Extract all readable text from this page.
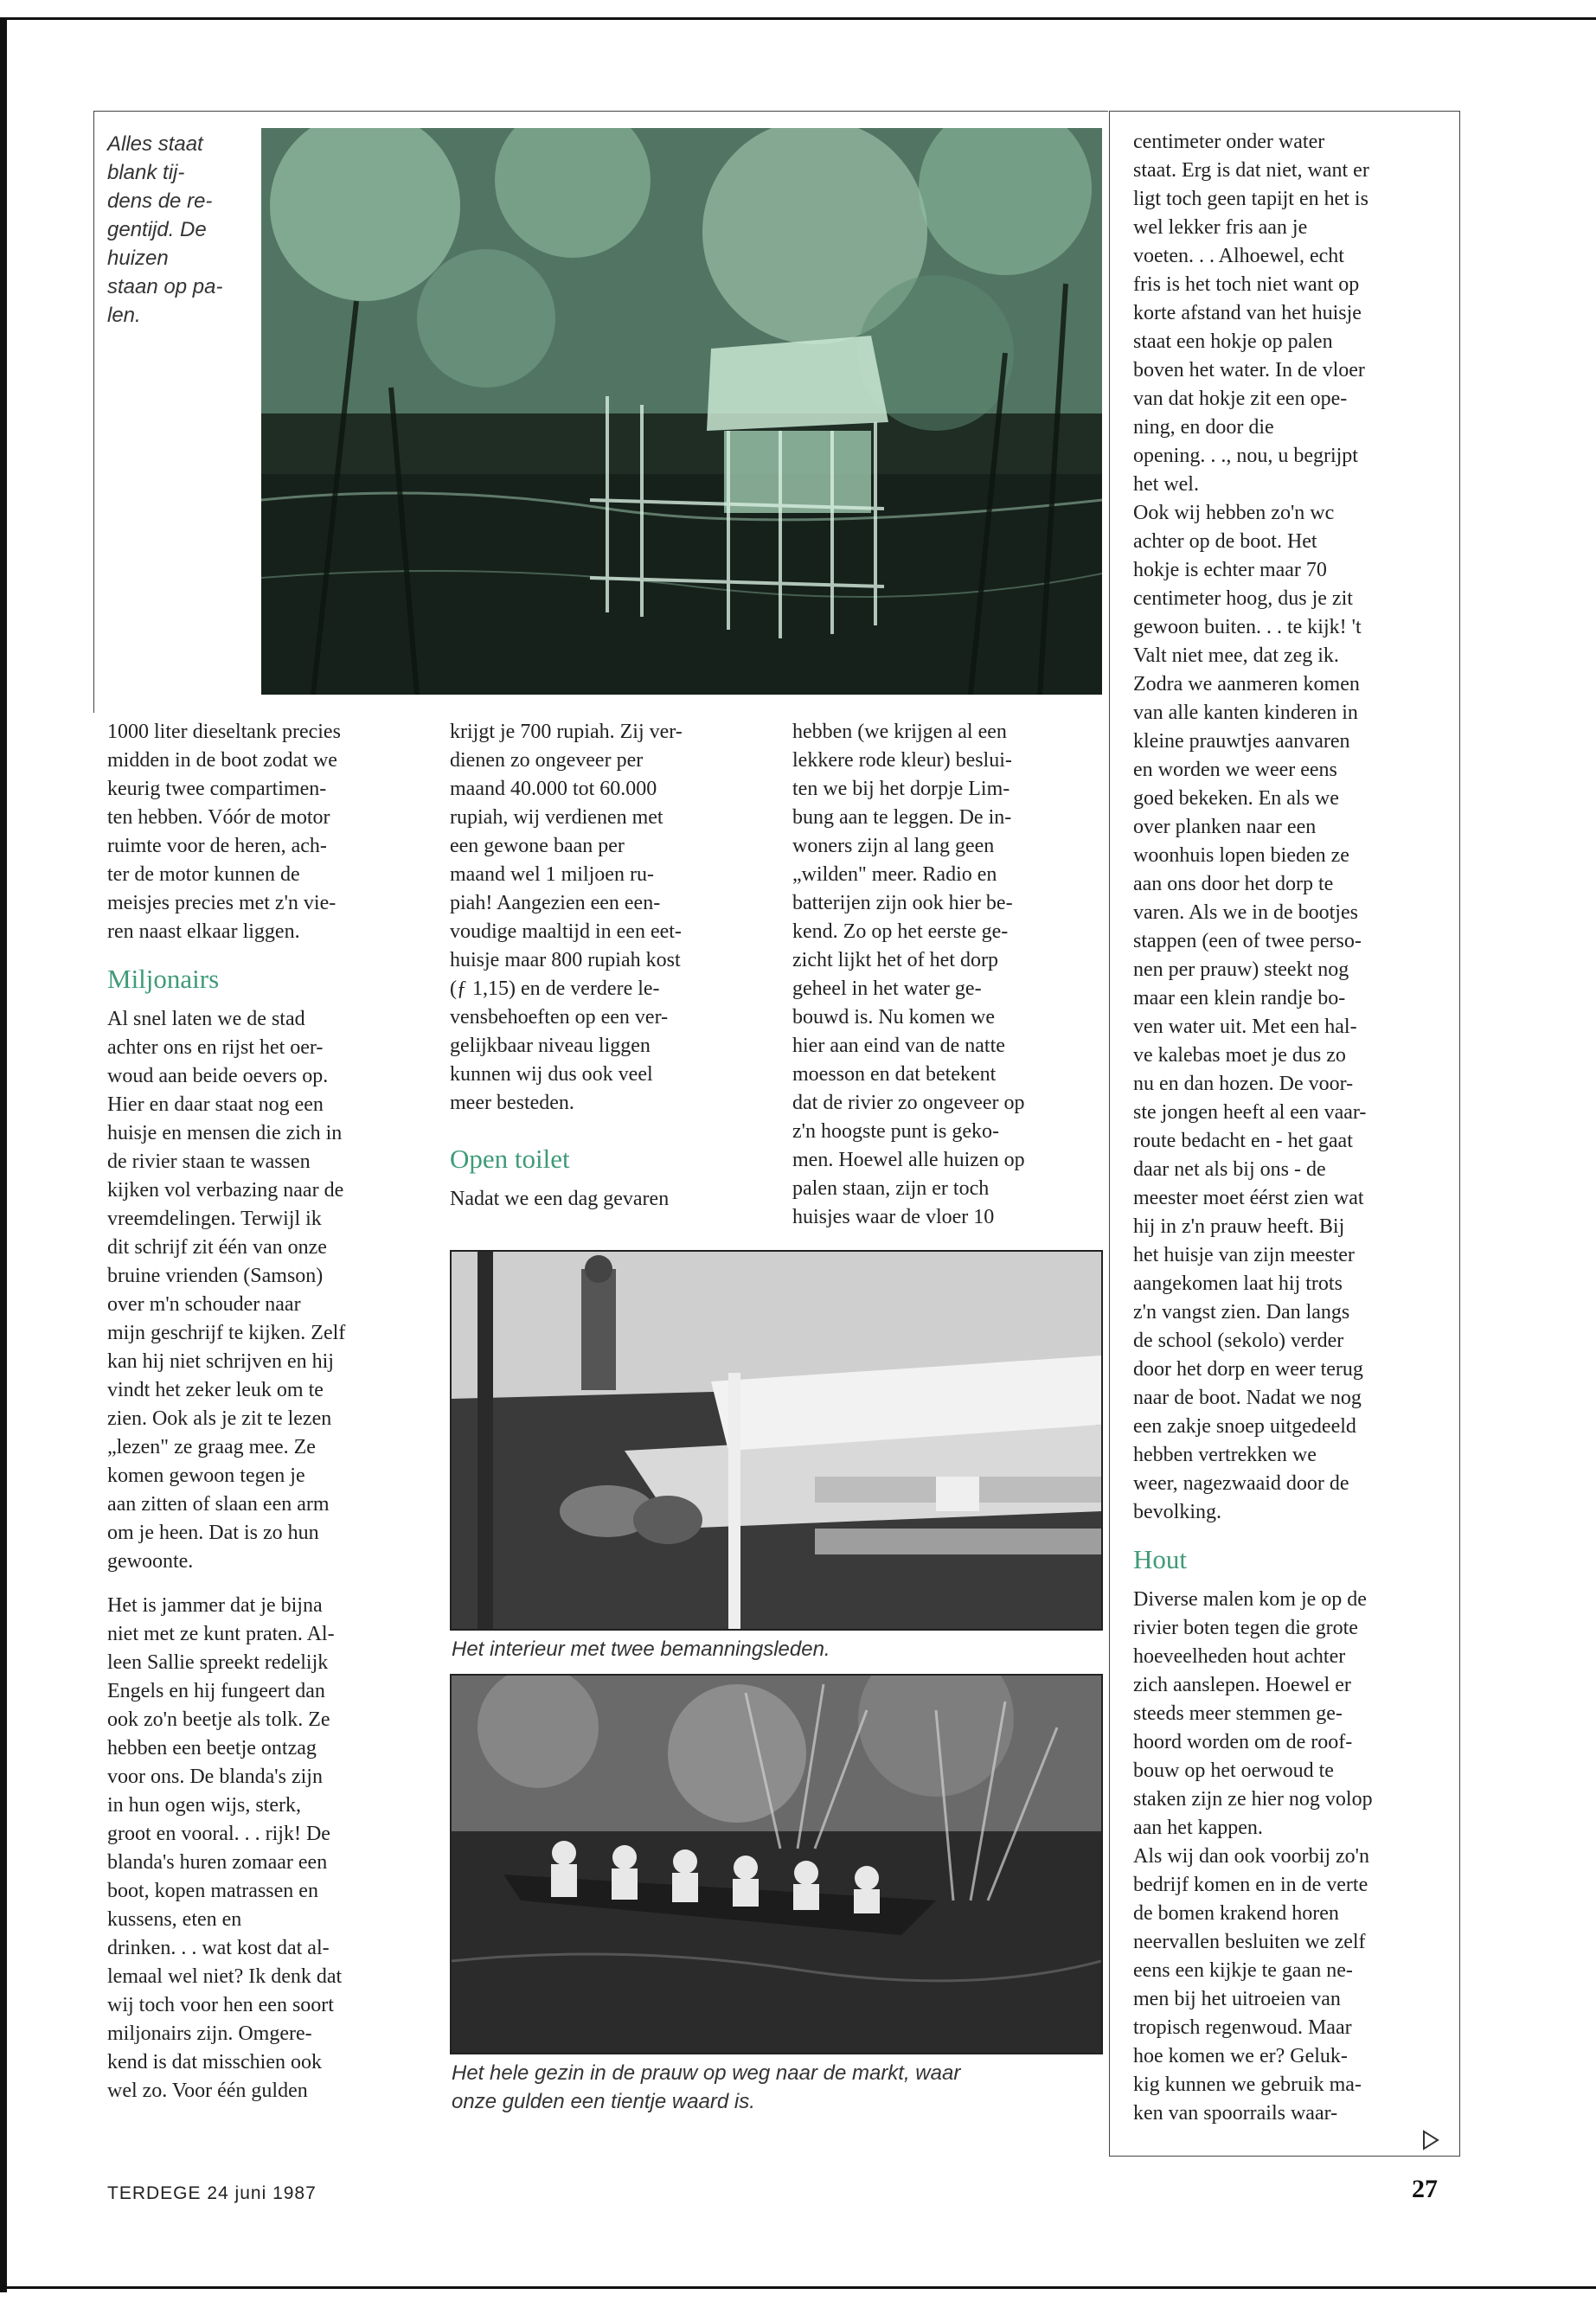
Alles staat
blank tij-
dens de re-
gentijd. De
huizen
staan op pa-
len.

1000 liter dieseltank precies
midden in de boot zodat we
keurig twee compartimen-
ten hebben. Vóór de motor
ruimte voor de heren, ach-
ter de motor kunnen de
meisjes precies met z'n vie-
ren naast elkaar liggen.

Miljonairs

Al snel laten we de stad
achter ons en rijst het oer-
woud aan beide oevers op.
Hier en daar staat nog een
huisje en mensen die zich in
de rivier staan te wassen
kijken vol verbazing naar de
vreemdelingen. Terwijl ik
dit schrijf zit één van onze
bruine vrienden (Samson)
over m'n schouder naar
mijn geschrijf te kijken. Zelf
kan hij niet schrijven en hij
vindt het zeker leuk om te
zien. Ook als je zit te lezen
„lezen" ze graag mee. Ze
komen gewoon tegen je
aan zitten of slaan een arm
om je heen. Dat is zo hun
gewoonte.

Het is jammer dat je bijna
niet met ze kunt praten. Al-
leen Sallie spreekt redelijk
Engels en hij fungeert dan
ook zo'n beetje als tolk. Ze
hebben een beetje ontzag
voor ons. De blanda's zijn
in hun ogen wijs, sterk,
groot en vooral. . . rijk! De
blanda's huren zomaar een
boot, kopen matrassen en
kussens, eten en
drinken. . . wat kost dat al-
lemaal wel niet? Ik denk dat
wij toch voor hen een soort
miljonairs zijn. Omgere-
kend is dat misschien ook
wel zo. Voor één gulden

krijgt je 700 rupiah. Zij ver-
dienen zo ongeveer per
maand 40.000 tot 60.000
rupiah, wij verdienen met
een gewone baan per
maand wel 1 miljoen ru-
piah! Aangezien een een-
voudige maaltijd in een eet-
huisje maar 800 rupiah kost
(ƒ 1,15) en de verdere le-
vensbehoeften op een ver-
gelijkbaar niveau liggen
kunnen wij dus ook veel
meer besteden.

Open toilet

Nadat we een dag gevaren

hebben (we krijgen al een
lekkere rode kleur) beslui-
ten we bij het dorpje Lim-
bung aan te leggen. De in-
woners zijn al lang geen
„wilden" meer. Radio en
batterijen zijn ook hier be-
kend. Zo op het eerste ge-
zicht lijkt het of het dorp
geheel in het water ge-
bouwd is. Nu komen we
hier aan eind van de natte
moesson en dat betekent
dat de rivier zo ongeveer op
z'n hoogste punt is geko-
men. Hoewel alle huizen op
palen staan, zijn er toch
huisjes waar de vloer 10

centimeter onder water
staat. Erg is dat niet, want er
ligt toch geen tapijt en het is
wel lekker fris aan je
voeten. . . Alhoewel, echt
fris is het toch niet want op
korte afstand van het huisje
staat een hokje op palen
boven het water. In de vloer
van dat hokje zit een ope-
ning, en door die
opening. . ., nou, u begrijpt
het wel.
Ook wij hebben zo'n wc
achter op de boot. Het
hokje is echter maar 70
centimeter hoog, dus je zit
gewoon buiten. . . te kijk! 't
Valt niet mee, dat zeg ik.
Zodra we aanmeren komen
van alle kanten kinderen in
kleine prauwtjes aanvaren
en worden we weer eens
goed bekeken. En als we
over planken naar een
woonhuis lopen bieden ze
aan ons door het dorp te
varen. Als we in de bootjes
stappen (een of twee perso-
nen per prauw) steekt nog
maar een klein randje bo-
ven water uit. Met een hal-
ve kalebas moet je dus zo
nu en dan hozen. De voor-
ste jongen heeft al een vaar-
route bedacht en - het gaat
daar net als bij ons - de
meester moet éérst zien wat
hij in z'n prauw heeft. Bij
het huisje van zijn meester
aangekomen laat hij trots
z'n vangst zien. Dan langs
de school (sekolo) verder
door het dorp en weer terug
naar de boot. Nadat we nog
een zakje snoep uitgedeeld
hebben vertrekken we
weer, nagezwaaid door de
bevolking.

Hout

Diverse malen kom je op de
rivier boten tegen die grote
hoeveelheden hout achter
zich aanslepen. Hoewel er
steeds meer stemmen ge-
hoord worden om de roof-
bouw op het oerwoud te
staken zijn ze hier nog volop
aan het kappen.
Als wij dan ook voorbij zo'n
bedrijf komen en in de verte
de bomen krakend horen
neervallen besluiten we zelf
eens een kijkje te gaan ne-
men bij het uitroeien van
tropisch regenwoud. Maar
hoe komen we er? Geluk-
kig kunnen we gebruik ma-
ken van spoorrails waar-

Het interieur met twee bemanningsleden.
Het hele gezin in de prauw op weg naar de markt, waar
onze gulden een tientje waard is.
TERDEGE 24 juni 1987	27
